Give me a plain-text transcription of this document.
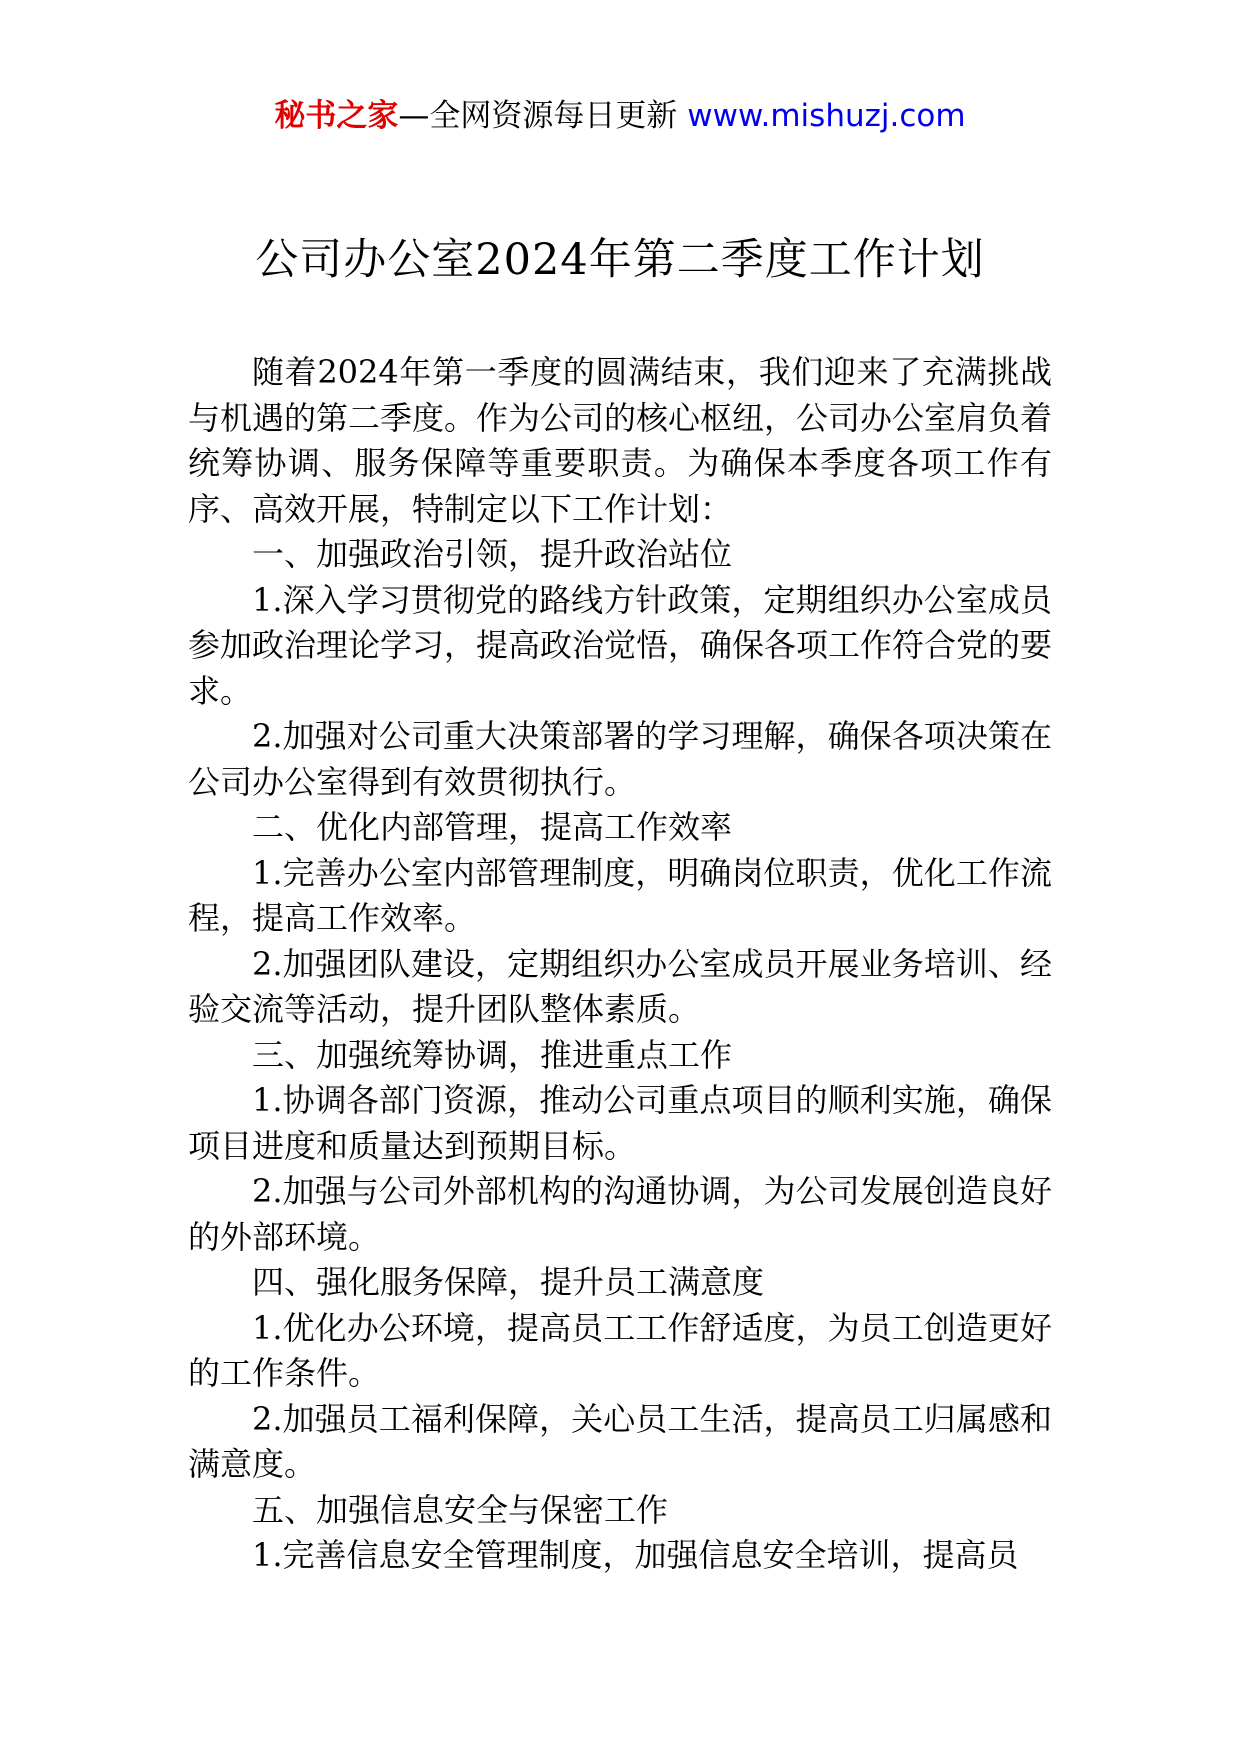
秘书之家—全网资源每日更新 www.mishuzj.com
公司办公室2024年第二季度工作计划

随着2024年第一季度的圆满结束，我们迎来了充满挑战与机遇的第二季度。作为公司的核心枢纽，公司办公室肩负着统筹协调、服务保障等重要职责。为确保本季度各项工作有序、高效开展，特制定以下工作计划：

一、加强政治引领，提升政治站位

1.深入学习贯彻党的路线方针政策，定期组织办公室成员参加政治理论学习，提高政治觉悟，确保各项工作符合党的要求。

2.加强对公司重大决策部署的学习理解，确保各项决策在公司办公室得到有效贯彻执行。

二、优化内部管理，提高工作效率

1.完善办公室内部管理制度，明确岗位职责，优化工作流程，提高工作效率。

2.加强团队建设，定期组织办公室成员开展业务培训、经验交流等活动，提升团队整体素质。

三、加强统筹协调，推进重点工作

1.协调各部门资源，推动公司重点项目的顺利实施，确保项目进度和质量达到预期目标。

2.加强与公司外部机构的沟通协调，为公司发展创造良好的外部环境。

四、强化服务保障，提升员工满意度

1.优化办公环境，提高员工工作舒适度，为员工创造更好的工作条件。

2.加强员工福利保障，关心员工生活，提高员工归属感和满意度。

五、加强信息安全与保密工作

1.完善信息安全管理制度，加强信息安全培训，提高员
